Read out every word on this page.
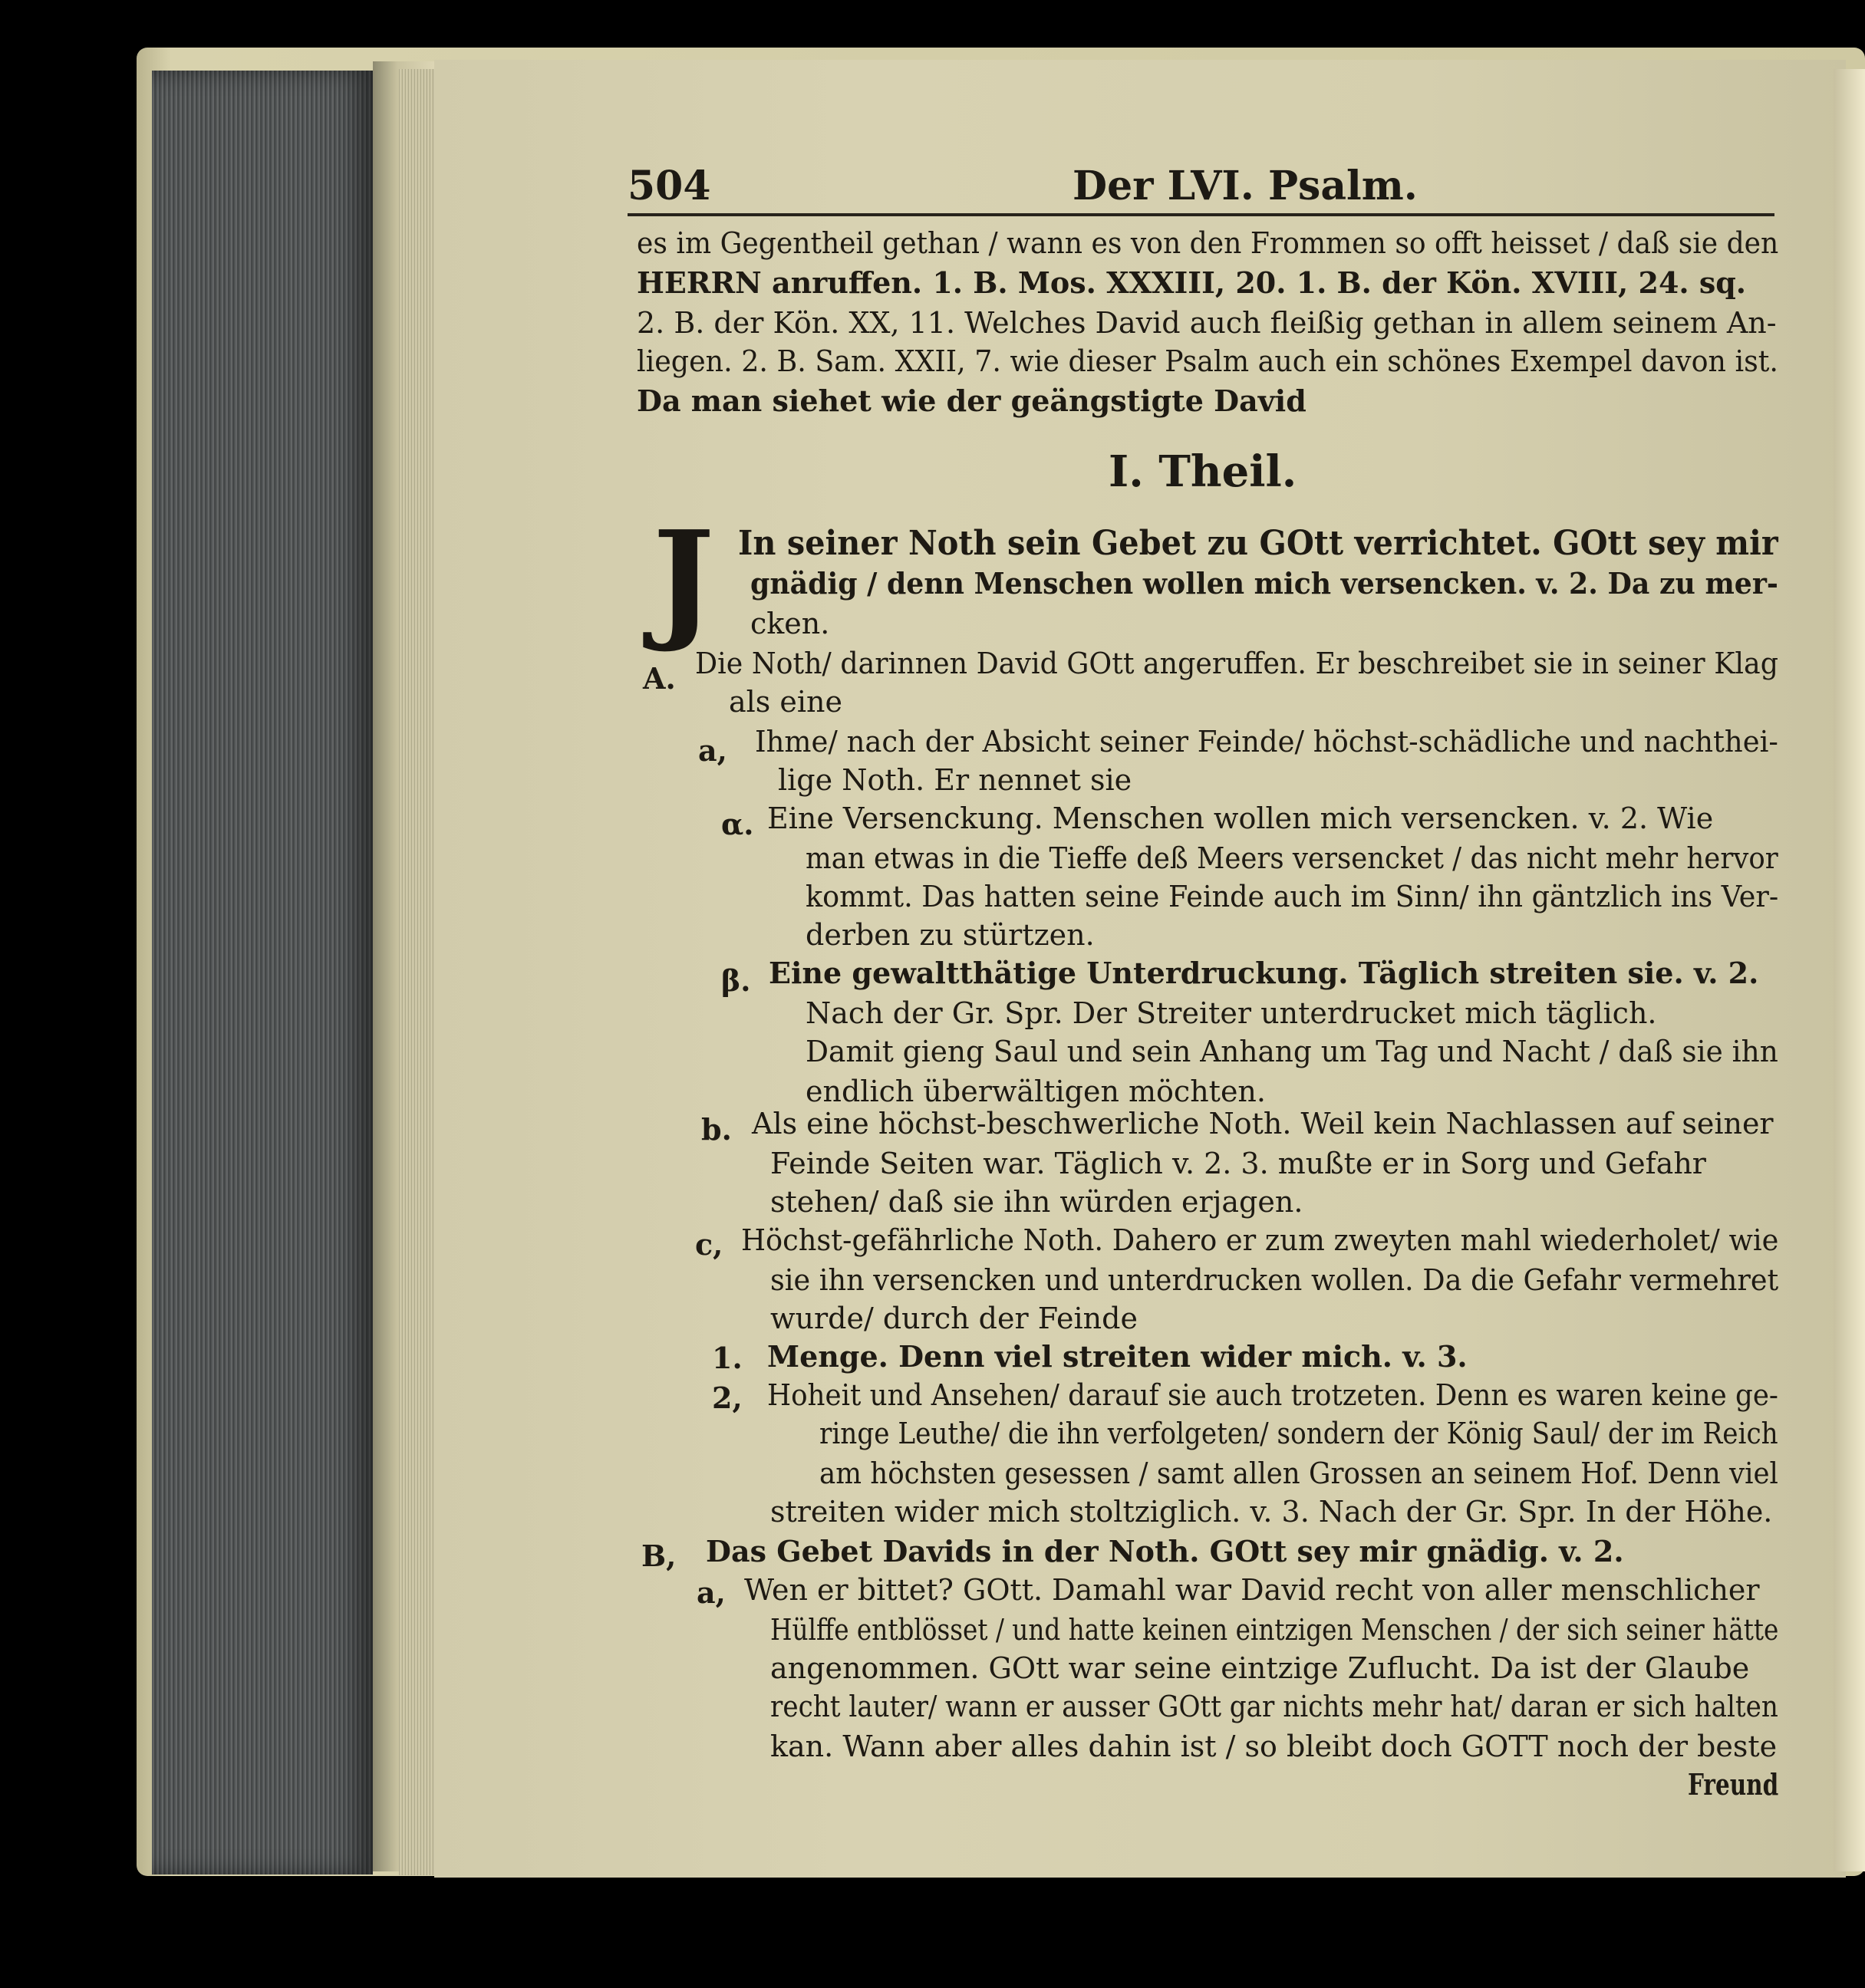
504	Der LVI. Psalm.
I. Theil.
J
es im Gegentheil gethan / wann es von den Frommen so offt heisset / daß sie den
HERRN anruffen. 1. B. Mos. XXXIII, 20. 1. B. der Kön. XVIII, 24. sq.
2. B. der Kön. XX, 11. Welches David auch fleißig gethan in allem seinem An-
liegen. 2. B. Sam. XXII, 7. wie dieser Psalm auch ein schönes Exempel davon ist.
Da man siehet wie der geängstigte David
In seiner Noth sein Gebet zu GOtt verrichtet. GOtt sey mir
gnädig / denn Menschen wollen mich versencken. v. 2. Da zu mer-
cken.
A. Die Noth/ darinnen David GOtt angeruffen. Er beschreibet sie in seiner Klag
als eine
a, Ihme/ nach der Absicht seiner Feinde/ höchst-schädliche und nachthei-
lige Noth. Er nennet sie
α. Eine Versenckung. Menschen wollen mich versencken. v. 2. Wie
man etwas in die Tieffe deß Meers versencket / das nicht mehr hervor
kommt. Das hatten seine Feinde auch im Sinn/ ihn gäntzlich ins Ver-
derben zu stürtzen.
β. Eine gewaltthätige Unterdruckung. Täglich streiten sie. v. 2.
Nach der Gr. Spr. Der Streiter unterdrucket mich täglich.
Damit gieng Saul und sein Anhang um Tag und Nacht / daß sie ihn
endlich überwältigen möchten.
b. Als eine höchst-beschwerliche Noth. Weil kein Nachlassen auf seiner
Feinde Seiten war. Täglich v. 2. 3. mußte er in Sorg und Gefahr
stehen/ daß sie ihn würden erjagen.
c, Höchst-gefährliche Noth. Dahero er zum zweyten mahl wiederholet/ wie
sie ihn versencken und unterdrucken wollen. Da die Gefahr vermehret
wurde/ durch der Feinde
1. Menge. Denn viel streiten wider mich. v. 3.
2, Hoheit und Ansehen/ darauf sie auch trotzeten. Denn es waren keine ge-
ringe Leuthe/ die ihn verfolgeten/ sondern der König Saul/ der im Reich
am höchsten gesessen / samt allen Grossen an seinem Hof. Denn viel
streiten wider mich stoltziglich. v. 3. Nach der Gr. Spr. In der Höhe.
B, Das Gebet Davids in der Noth. GOtt sey mir gnädig. v. 2.
a, Wen er bittet? GOtt. Damahl war David recht von aller menschlicher
Hülffe entblösset / und hatte keinen eintzigen Menschen / der sich seiner hätte
angenommen. GOtt war seine eintzige Zuflucht. Da ist der Glaube
recht lauter/ wann er ausser GOtt gar nichts mehr hat/ daran er sich halten
kan. Wann aber alles dahin ist / so bleibt doch GOTT noch der beste
Freund
